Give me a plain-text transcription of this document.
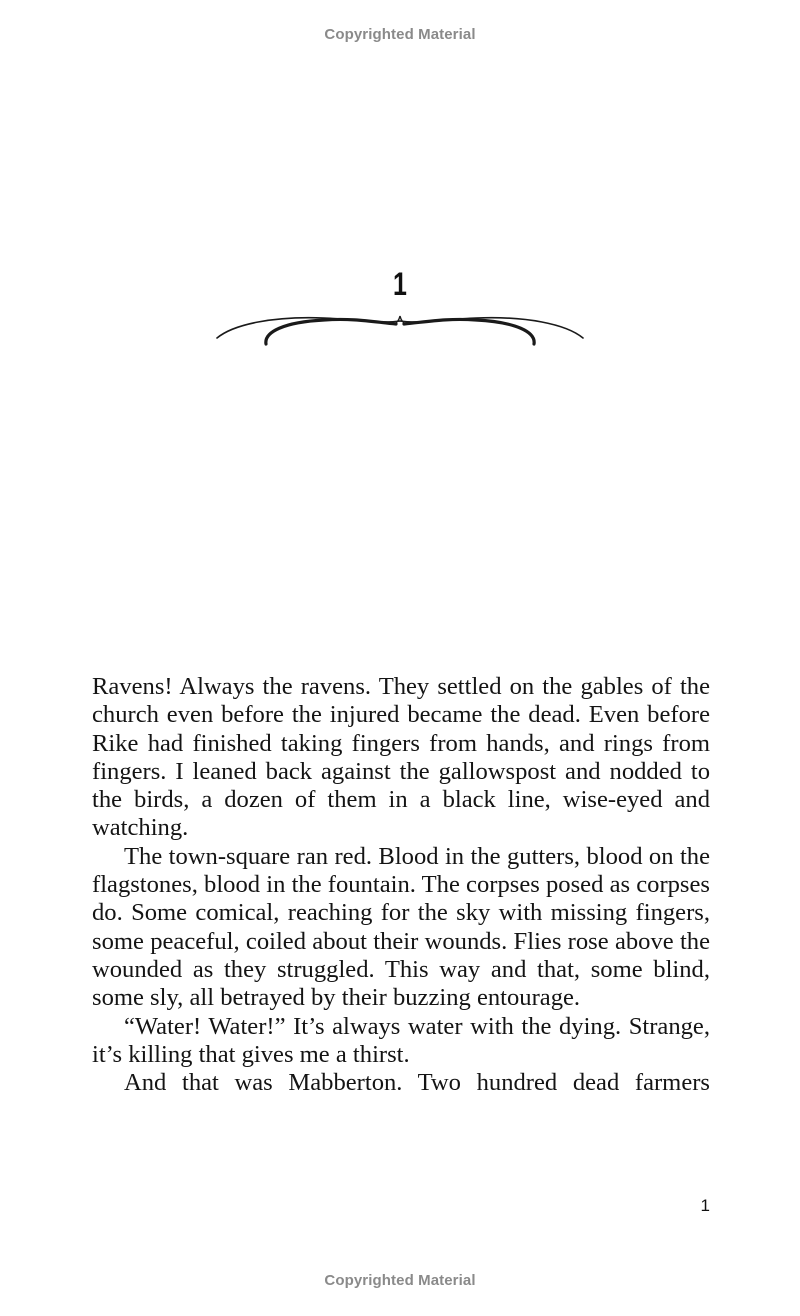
Copyrighted Material
1

Ravens! Always the ravens. They settled on the gables of the church even before the injured became the dead. Even before Rike had finished taking fingers from hands, and rings from fingers. I leaned back against the gallowspost and nodded to the birds, a dozen of them in a black line, wise-eyed and watching.

The town-square ran red. Blood in the gutters, blood on the flagstones, blood in the fountain. The corpses posed as corpses do. Some comical, reaching for the sky with missing fingers, some peaceful, coiled about their wounds. Flies rose above the wounded as they struggled. This way and that, some blind, some sly, all betrayed by their buzzing entourage.

“Water! Water!” It’s always water with the dying. Strange, it’s killing that gives me a thirst.

And that was Mabberton. Two hundred dead farmers

1
Copyrighted Material
